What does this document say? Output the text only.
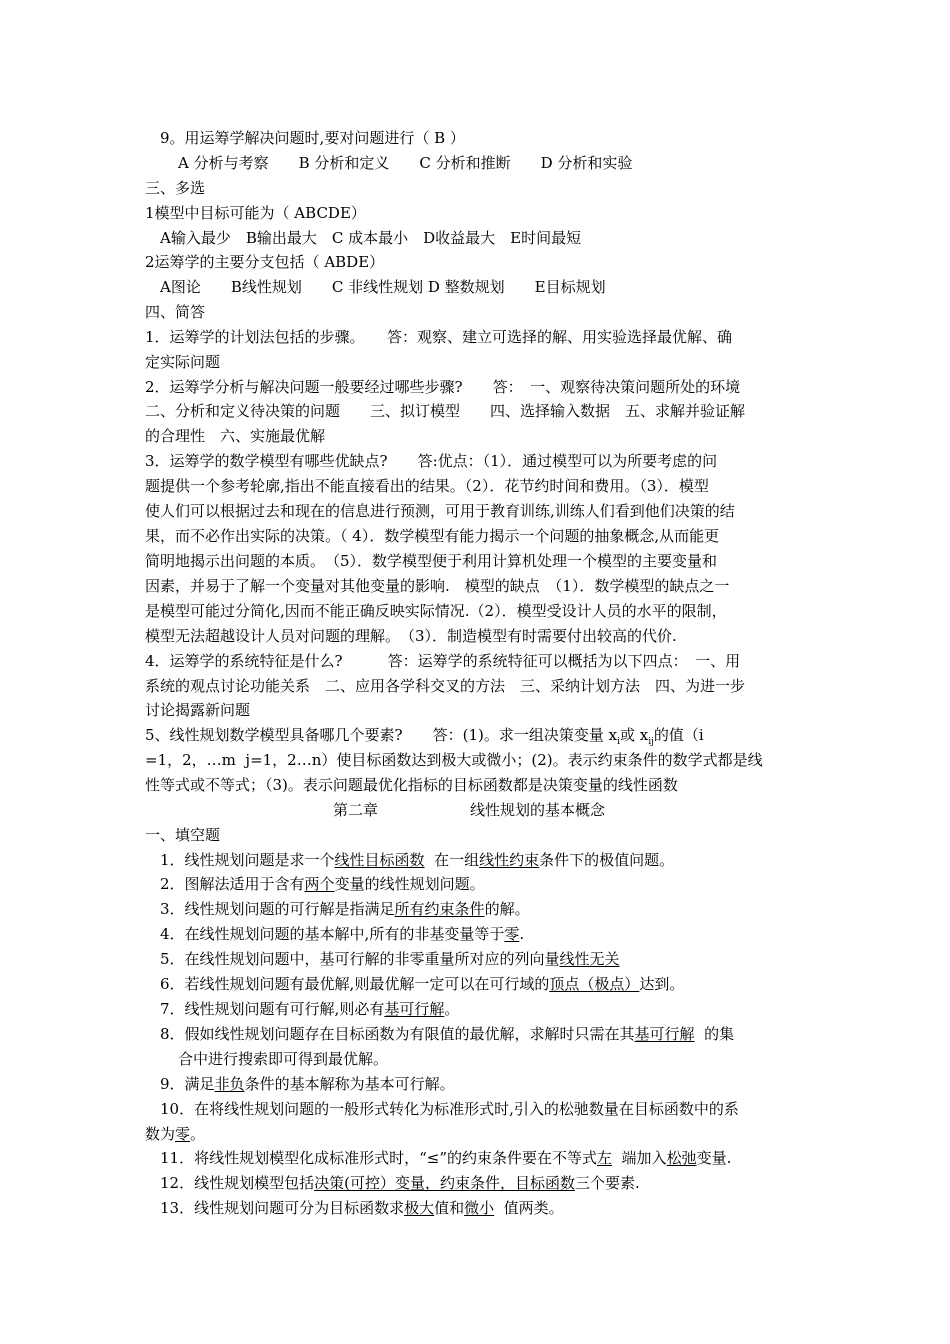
9。用运筹学解决问题时,要对问题进行（ B ）
A 分析与考察　　B 分析和定义　　C 分析和推断　　D 分析和实验
三、多选
1模型中目标可能为（ ABCDE）
A输入最少　B输出最大　C 成本最小　D收益最大　E时间最短
2运筹学的主要分支包括（ ABDE）
A图论　　B线性规划　　C 非线性规划 D 整数规划　　E目标规划
四、简答
1．运筹学的计划法包括的步骤。　　答：观察、建立可选择的解、用实验选择最优解、确
定实际问题
2．运筹学分析与解决问题一般要经过哪些步骤?　　答：　一、观察待决策问题所处的环境
二、分析和定义待决策的问题　　三、拟订模型　　四、选择输入数据　五、求解并验证解
的合理性　六、实施最优解
3．运筹学的数学模型有哪些优缺点?　　答:优点：（1）．通过模型可以为所要考虑的问
题提供一个参考轮廓,指出不能直接看出的结果。（2）．花节约时间和费用。（3）．模型
使人们可以根据过去和现在的信息进行预测，可用于教育训练,训练人们看到他们决策的结
果，而不必作出实际的决策。（ 4）．数学模型有能力揭示一个问题的抽象概念,从而能更
简明地揭示出问题的本质。　（5）．数学模型便于利用计算机处理一个模型的主要变量和
因素，并易于了解一个变量对其他变量的影响.　模型的缺点　（1）．数学模型的缺点之一
是模型可能过分简化,因而不能正确反映实际情况.（2）．模型受设计人员的水平的限制，
模型无法超越设计人员对问题的理解。　（3）．制造模型有时需要付出较高的代价.
4．运筹学的系统特征是什么?　　　答：运筹学的系统特征可以概括为以下四点：　一、用
系统的观点讨论功能关系　二、应用各学科交叉的方法　三、采纳计划方法　四、为进一步
讨论揭露新问题
5、线性规划数学模型具备哪几个要素?　　答：(1)。求一组决策变量 $x_i$或 $x_{ij}$的值（i
=1，2，…m  j=1，2…n）使目标函数达到极大或微小；(2)。表示约束条件的数学式都是线
性等式或不等式；（3)。表示问题最优化指标的目标函数都是决策变量的线性函数
第二章	线性规划的基本概念
一、填空题
1．线性规划问题是求一个线性目标函数  在一组线性约束条件下的极值问题。
2．图解法适用于含有两个变量的线性规划问题。
3．线性规划问题的可行解是指满足所有约束条件的解。
4．在线性规划问题的基本解中,所有的非基变量等于零.
5．在线性规划问题中，基可行解的非零重量所对应的列向量线性无关
6．若线性规划问题有最优解,则最优解一定可以在可行域的顶点（极点）达到。
7．线性规划问题有可行解,则必有基可行解。
8．假如线性规划问题存在目标函数为有限值的最优解，求解时只需在其基可行解  的集
合中进行搜索即可得到最优解。
9．满足非负条件的基本解称为基本可行解。
10．在将线性规划问题的一般形式转化为标准形式时,引入的松驰数量在目标函数中的系
数为零。
11．将线性规划模型化成标准形式时，“≤”的约束条件要在不等式左  端加入松弛变量.
12．线性规划模型包括决策(可控）变量，约束条件，目标函数三个要素.
13．线性规划问题可分为目标函数求极大值和微小  值两类。
